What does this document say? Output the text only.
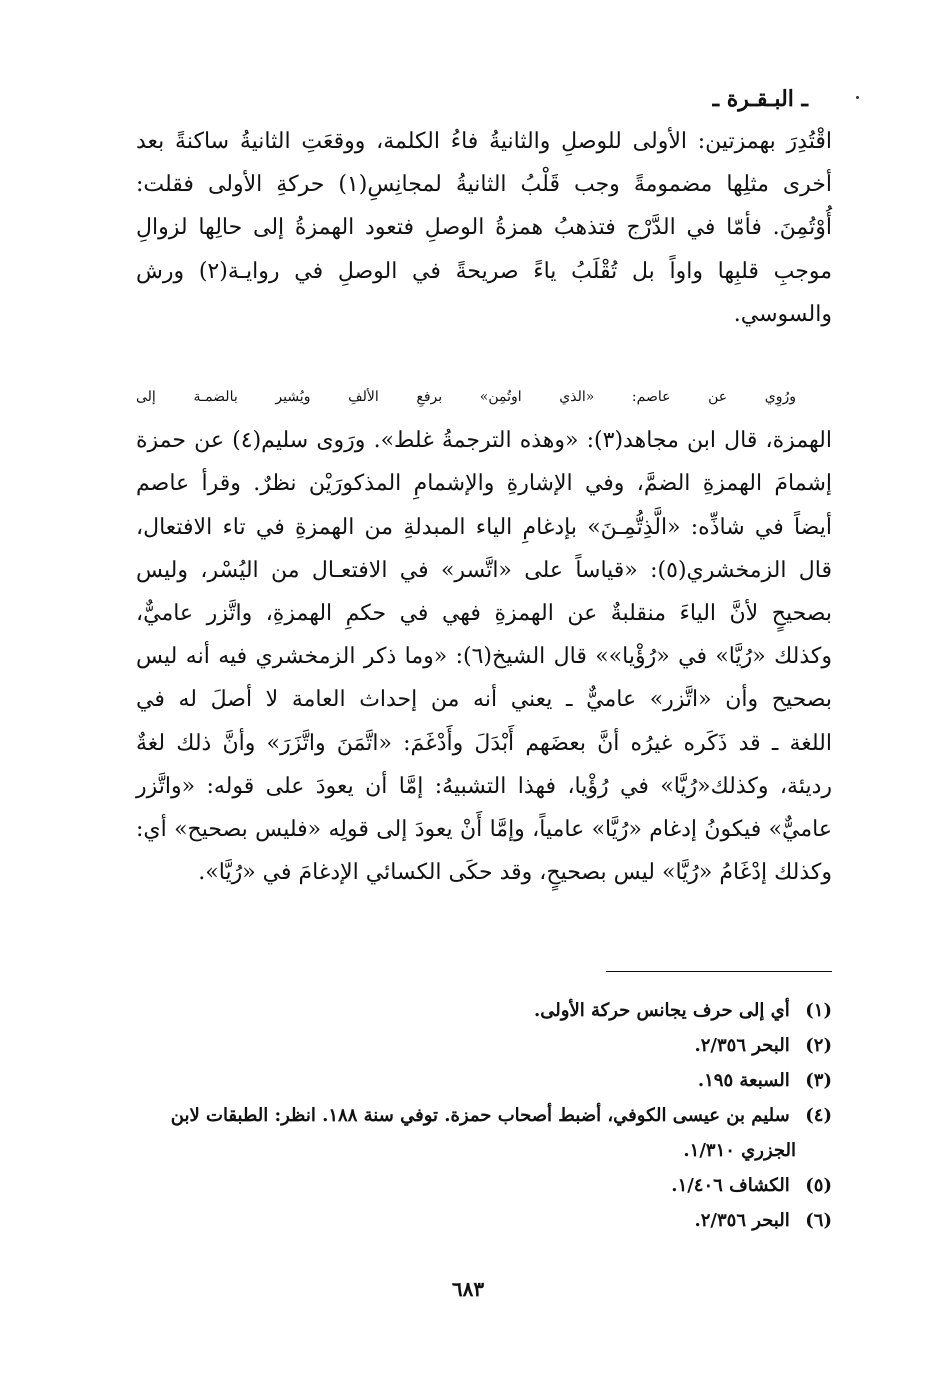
ـ البـقـرة ـ
اقْتُدِرَ بهمزتين: الأولى للوصلِ والثانيةُ فاءُ الكلمة، ووقعَتِ الثانيةُ ساكنةً بعد
أخرى مثلِها مضمومةً وجب قَلْبُ الثانيةُ لمجانِسِ(١) حركةِ الأولى فقلت:
أُوْتُمِنَ. فأمّا في الدَّرْج فتذهبُ همزةُ الوصلِ فتعود الهمزةُ إلى حالِها لزوالِ
موجبِ قلبِها واواً بل تُقْلَبُ ياءً صريحةً في الوصلِ في روايـة(٢) ورش
والسوسي.
ورُوِي عن عاصم: «الذي اوتُمِن» برفعِ الألفِ ويُشير بالضمـة إلى
الهمزة، قال ابن مجاهد(٣): «وهذه الترجمةُ غلط». ورَوى سليم(٤) عن حمزة
إشمامَ الهمزةِ الضمَّ، وفي الإشارةِ والإشمامِ المذكورَيْن نظرٌ. وقرأ عاصم
أيضاً في شاذِّه: «الَّذِتُّمِـنَ» بإدغامِ الياء المبدلةِ من الهمزةِ في تاء الافتعال،
قال الزمخشري(٥): «قياساً على «اتَّسر» في الافتعـال من اليُسْر، وليس
بصحيحٍ لأنَّ الياءَ منقلبةٌ عن الهمزةِ فهي في حكمِ الهمزةِ، واتَّزر عاميٌّ،
وكذلك «رُيَّا» في «رُؤْيا»» قال الشيخ(٦): «وما ذكر الزمخشري فيه أنه ليس
بصحيح وأن «اتَّزر» عاميٌّ ـ يعني أنه من إحداث العامة لا أصلَ له في
اللغة ـ قد ذَكَره غيرُه أنَّ بعضَهم أَبْدَلَ وأَدْغَمَ: «اتَّمَنَ واتَّزَرَ» وأنَّ ذلك لغةٌ
رديئة، وكذلك«رُيَّا» في رُؤْيا، فهذا التشبيهُ: إمَّا أن يعودَ على قوله: «واتَّزر
عاميٌّ» فيكونُ إدغام «رُيَّا» عامياً، وإمَّا أَنْ يعودَ إلى قولِه «فليس بصحيح» أي:
وكذلك إدْغَامُ «رُيَّا» ليس بصحيحٍ، وقد حكَى الكسائي الإدغامَ في «رُيَّا».
(١) أي إلى حرف يجانس حركة الأولى.
(٢) البحر ٢/٣٥٦.
(٣) السبعة ١٩٥.
(٤) سليم بن عيسى الكوفي، أضبط أصحاب حمزة. توفي سنة ١٨٨. انظر: الطبقات لابن
الجزري ١/٣١٠.
(٥) الكشاف ١/٤٠٦.
(٦) البحر ٢/٣٥٦.
٦٨٣
